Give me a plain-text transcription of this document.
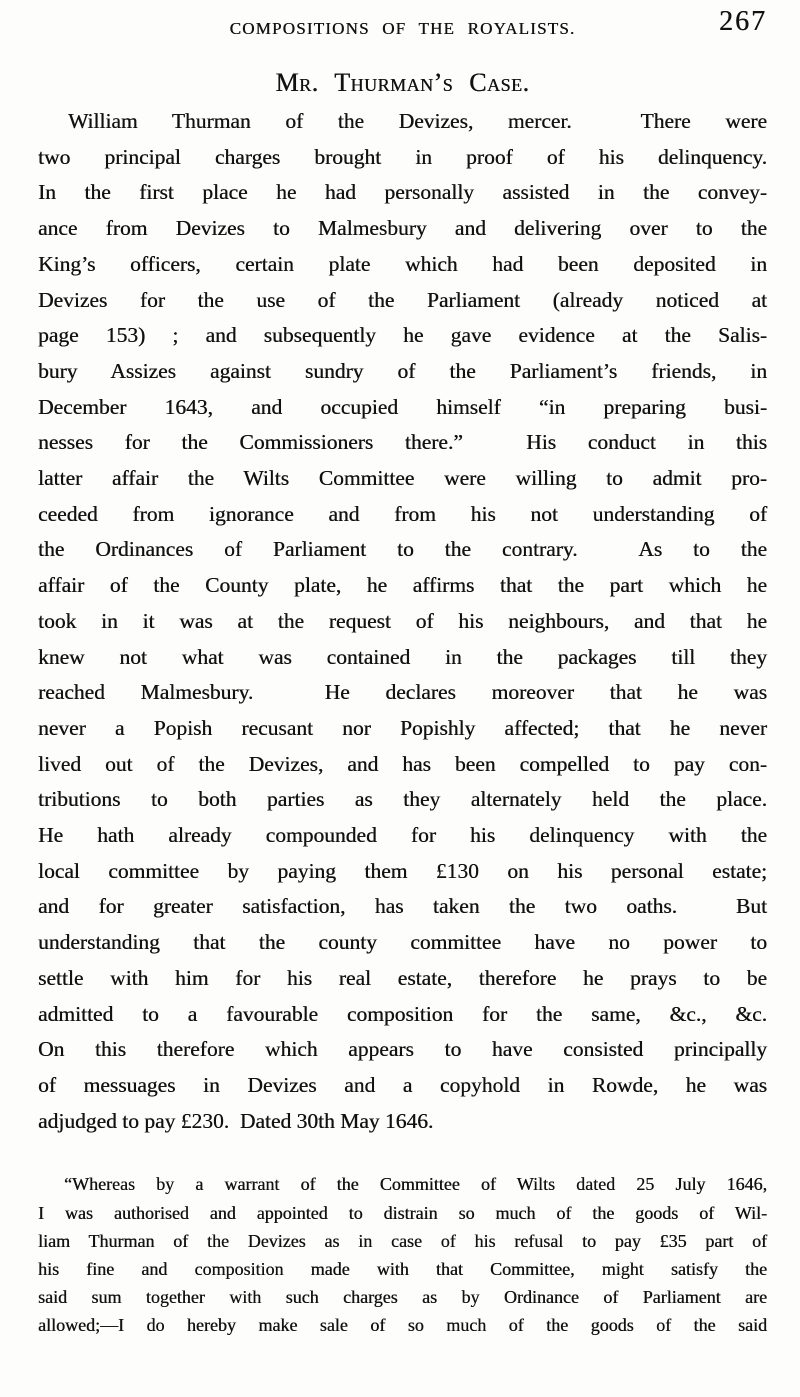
COMPOSITIONS OF THE ROYALISTS.	267
Mr. Thurman’s Case.
William Thurman of the Devizes, mercer.  There were
two principal charges brought in proof of his delinquency.
In the first place he had personally assisted in the convey-
ance from Devizes to Malmesbury and delivering over to the
King’s officers, certain plate which had been deposited in
Devizes for the use of the Parliament (already noticed at
page 153) ; and subsequently he gave evidence at the Salis-
bury Assizes against sundry of the Parliament’s friends, in
December 1643, and occupied himself “in preparing busi-
nesses for the Commissioners there.”  His conduct in this
latter affair the Wilts Committee were willing to admit pro-
ceeded from ignorance and from his not understanding of
the Ordinances of Parliament to the contrary.  As to the
affair of the County plate, he affirms that the part which he
took in it was at the request of his neighbours, and that he
knew not what was contained in the packages till they
reached Malmesbury.  He declares moreover that he was
never a Popish recusant nor Popishly affected; that he never
lived out of the Devizes, and has been compelled to pay con-
tributions to both parties as they alternately held the place.
He hath already compounded for his delinquency with the
local committee by paying them £130 on his personal estate;
and for greater satisfaction, has taken the two oaths.  But
understanding that the county committee have no power to
settle with him for his real estate, therefore he prays to be
admitted to a favourable composition for the same, &c., &c.
On this therefore which appears to have consisted principally
of messuages in Devizes and a copyhold in Rowde, he was
adjudged to pay £230.  Dated 30th May 1646.
“Whereas by a warrant of the Committee of Wilts dated 25 July 1646,
I was authorised and appointed to distrain so much of the goods of Wil-
liam Thurman of the Devizes as in case of his refusal to pay £35 part of
his fine and composition made with that Committee, might satisfy the
said sum together with such charges as by Ordinance of Parliament are
allowed;—I do hereby make sale of so much of the goods of the said
